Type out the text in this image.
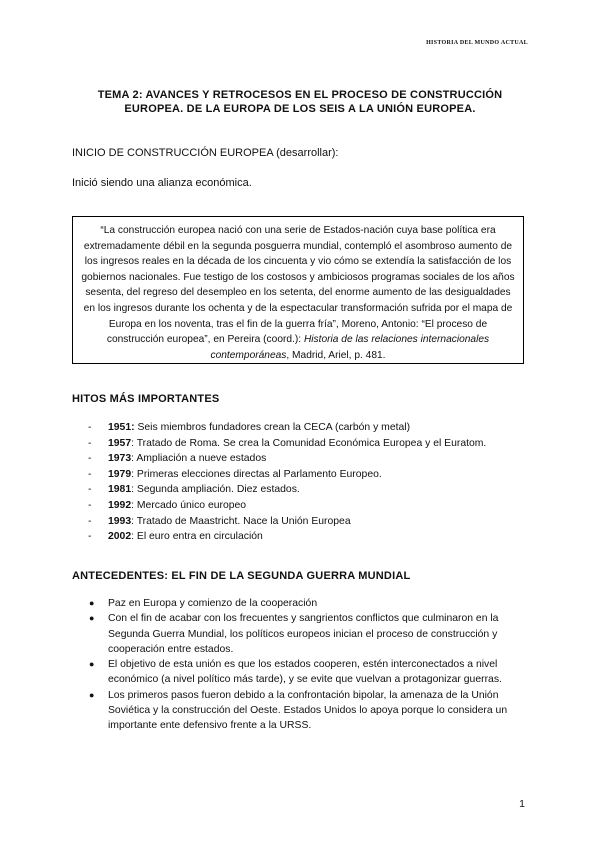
HISTORIA DEL MUNDO ACTUAL
TEMA 2: AVANCES Y RETROCESOS EN EL PROCESO DE CONSTRUCCIÓN
EUROPEA. DE LA EUROPA DE LOS SEIS A LA UNIÓN EUROPEA.
INICIO DE CONSTRUCCIÓN EUROPEA (desarrollar):
Inició siendo una alianza económica.
“La construcción europea nació con una serie de Estados-nación cuya base política era extremadamente débil en la segunda posguerra mundial, contempló el asombroso aumento de los ingresos reales en la década de los cincuenta y vio cómo se extendía la satisfacción de los gobiernos nacionales. Fue testigo de los costosos y ambiciosos programas sociales de los años sesenta, del regreso del desempleo en los setenta, del enorme aumento de las desigualdades en los ingresos durante los ochenta y de la espectacular transformación sufrida por el mapa de Europa en los noventa, tras el fin de la guerra fría”, Moreno, Antonio: “El proceso de construcción europea”, en Pereira (coord.): Historia de las relaciones internacionales contemporáneas, Madrid, Ariel, p. 481.
HITOS MÁS IMPORTANTES
- 1951: Seis miembros fundadores crean la CECA (carbón y metal)
- 1957: Tratado de Roma. Se crea la Comunidad Económica Europea y el Euratom.
- 1973: Ampliación a nueve estados
- 1979: Primeras elecciones directas al Parlamento Europeo.
- 1981: Segunda ampliación. Diez estados.
- 1992: Mercado único europeo
- 1993: Tratado de Maastricht. Nace la Unión Europea
- 2002: El euro entra en circulación
ANTECEDENTES: EL FIN DE LA SEGUNDA GUERRA MUNDIAL
● Paz en Europa y comienzo de la cooperación
● Con el fin de acabar con los frecuentes y sangrientos conflictos que culminaron en la Segunda Guerra Mundial, los políticos europeos inician el proceso de construcción y cooperación entre estados.
● El objetivo de esta unión es que los estados cooperen, estén interconectados a nivel económico (a nivel político más tarde), y se evite que vuelvan a protagonizar guerras.
● Los primeros pasos fueron debido a la confrontación bipolar, la amenaza de la Unión Soviética y la construcción del Oeste. Estados Unidos lo apoya porque lo considera un importante ente defensivo frente a la URSS.
1
